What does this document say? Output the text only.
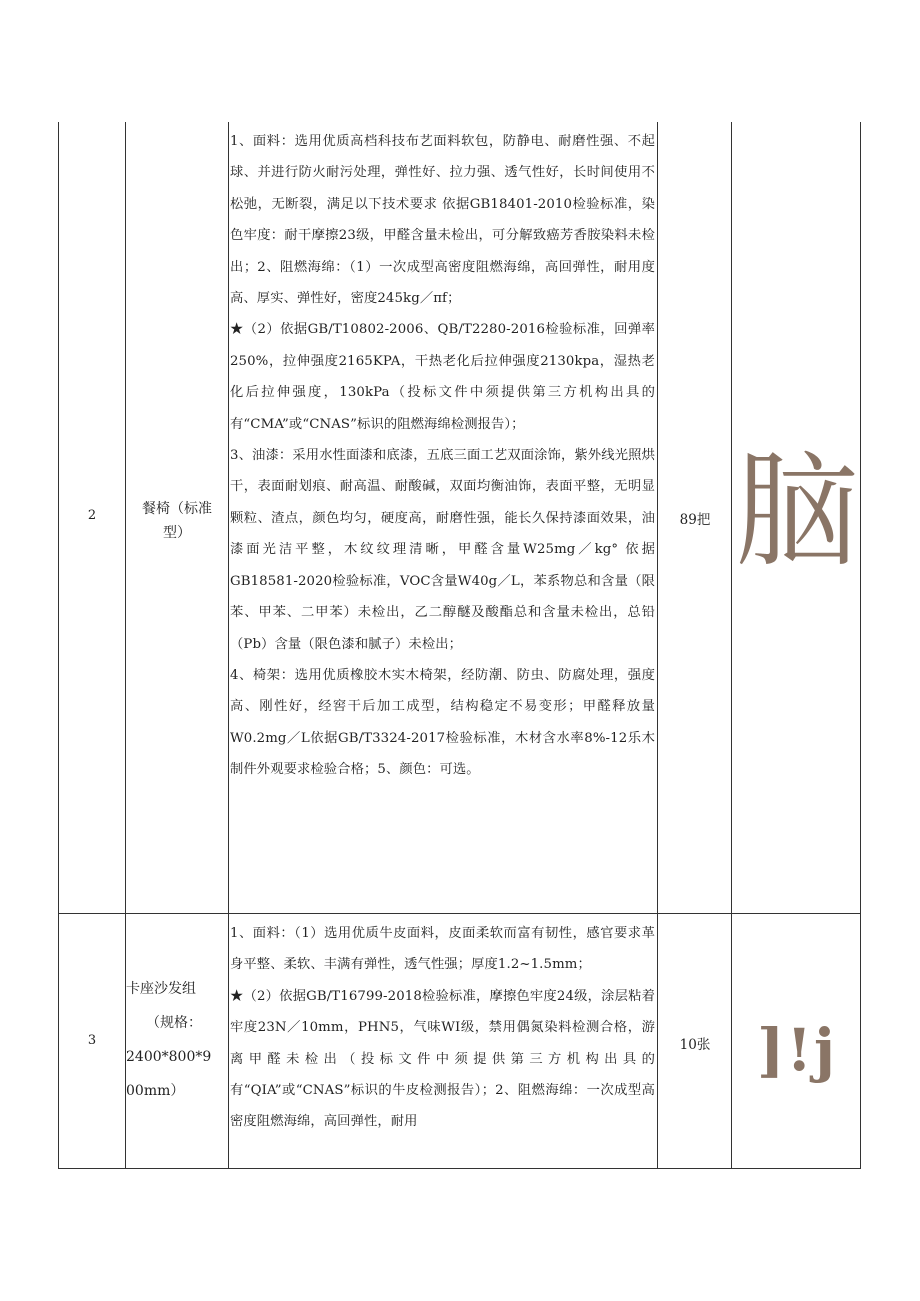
2	餐椅（标准型）

1、面料：选用优质高档科技布艺面料软包，防静电、耐磨性强、不起球、并进行防火耐污处理，弹性好、拉力强、透气性好，长时间使用不松弛，无断裂，满足以下技术要求 依据GB18401-2010检验标准，染色牢度：耐干摩擦23级，甲醛含量未检出，可分解致癌芳香胺染料未检出；2、阻燃海绵：（1）一次成型高密度阻燃海绵，高回弹性，耐用度高、厚实、弹性好，密度245kg／πf；

★（2）依据GB/T10802-2006、QB/T2280-2016检验标准，回弹率250%，拉伸强度2165KPA，干热老化后拉伸强度2130kpa，湿热老化后拉伸强度，130kPa（投标文件中须提供第三方机构出具的有“CMA”或“CNAS”标识的阻燃海绵检测报告）；

3、油漆：采用水性面漆和底漆，五底三面工艺双面涂饰，紫外线光照烘干，表面耐划痕、耐高温、耐酸碱，双面均衡油饰，表面平整，无明显颗粒、渣点，颜色均匀，硬度高，耐磨性强，能长久保持漆面效果，油漆面光洁平整，木纹纹理清晰，甲醛含量W25mg／kg° 依据GB18581-2020检验标准，VOC含量W40g／L，苯系物总和含量（限苯、甲苯、二甲苯）未检出，乙二醇醚及酸酯总和含量未检出，总铅（Pb）含量（限色漆和腻子）未检出；

4、椅架：选用优质橡胶木实木椅架，经防潮、防虫、防腐处理，强度高、刚性好，经窖干后加工成型，结构稳定不易变形；甲醛释放量W0.2mg／L依据GB/T3324-2017检验标准，木材含水率8%-12乐木制件外观要求检验合格；5、颜色：可选。

89把 脑
3
卡座沙发组
（规格：
2400*800*9
00mm）

1、面料：（1）选用优质牛皮面料，皮面柔软而富有韧性，感官要求革身平整、柔软、丰满有弹性，透气性强；厚度1.2~1.5mm；

★（2）依据GB/T16799-2018检验标准，摩擦色牢度24级，涂层粘着牢度23N／10mm，PHN5，气味WI级，禁用偶氮染料检测合格，游离甲醛未检出（投标文件中须提供第三方机构出具的有“QIA”或“CNAS”标识的牛皮检测报告）；2、阻燃海绵：一次成型高密度阻燃海绵，高回弹性，耐用

10张 ]!j
